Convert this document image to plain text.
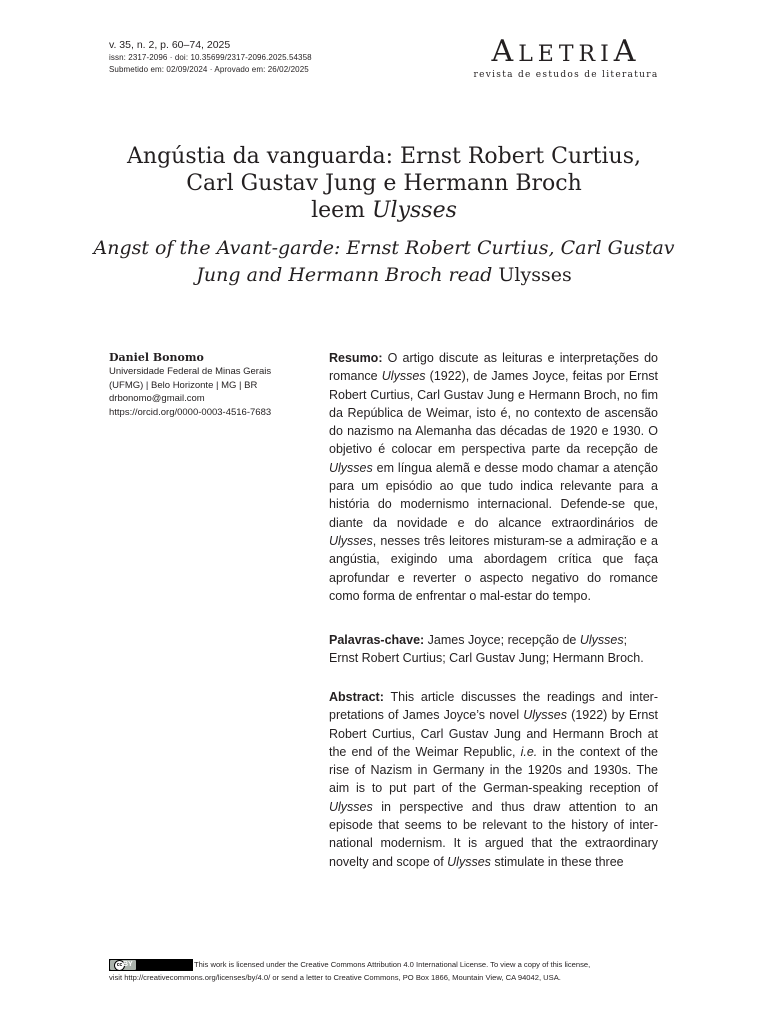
v. 35, n. 2, p. 60–74, 2025
issn: 2317-2096 · doi: 10.35699/2317-2096.2025.54358
Submetido em: 02/09/2024 · Aprovado em: 26/02/2025
ALETRIA
revista de estudos de literatura
Angústia da vanguarda: Ernst Robert Curtius,
Carl Gustav Jung e Hermann Broch
leem Ulysses
Angst of the Avant-garde: Ernst Robert Curtius, Carl Gustav
Jung and Hermann Broch read Ulysses
Daniel Bonomo
Universidade Federal de Minas Gerais
(UFMG) | Belo Horizonte | MG | BR
drbonomo@gmail.com
https://orcid.org/0000-0003-4516-7683
Resumo: O artigo discute as leituras e interpretações do romance Ulysses (1922), de James Joyce, feitas por Ernst Robert Curtius, Carl Gustav Jung e Hermann Broch, no fim da República de Weimar, isto é, no contexto de ascensão do nazismo na Alemanha das décadas de 1920 e 1930. O objetivo é colocar em perspectiva parte da recepção de Ulysses em língua alemã e desse modo chamar a atenção para um episódio ao que tudo indica relevante para a história do modernismo internacional. Defende-se que, diante da novidade e do alcance extraordinários de Ulysses, nesses três leitores misturam-se a admiração e a angústia, exigindo uma abordagem crítica que faça aprofundar e reverter o aspecto negativo do romance como forma de enfrentar o mal-estar do tempo.
Palavras-chave: James Joyce; recepção de Ulysses; Ernst Robert Curtius; Carl Gustav Jung; Hermann Broch.
Abstract: This article discusses the readings and interpretations of James Joyce’s novel Ulysses (1922) by Ernst Robert Curtius, Carl Gustav Jung and Hermann Broch at the end of the Weimar Republic, i.e. in the context of the rise of Nazism in Germany in the 1920s and 1930s. The aim is to put part of the German-speaking reception of Ulysses in perspective and thus draw attention to an episode that seems to be relevant to the history of international modernism. It is argued that the extraordinary novelty and scope of Ulysses stimulate in these three
cc BY	This work is licensed under the Creative Commons Attribution 4.0 International License. To view a copy of this license,
visit http://creativecommons.org/licenses/by/4.0/ or send a letter to Creative Commons, PO Box 1866, Mountain View, CA 94042, USA.
